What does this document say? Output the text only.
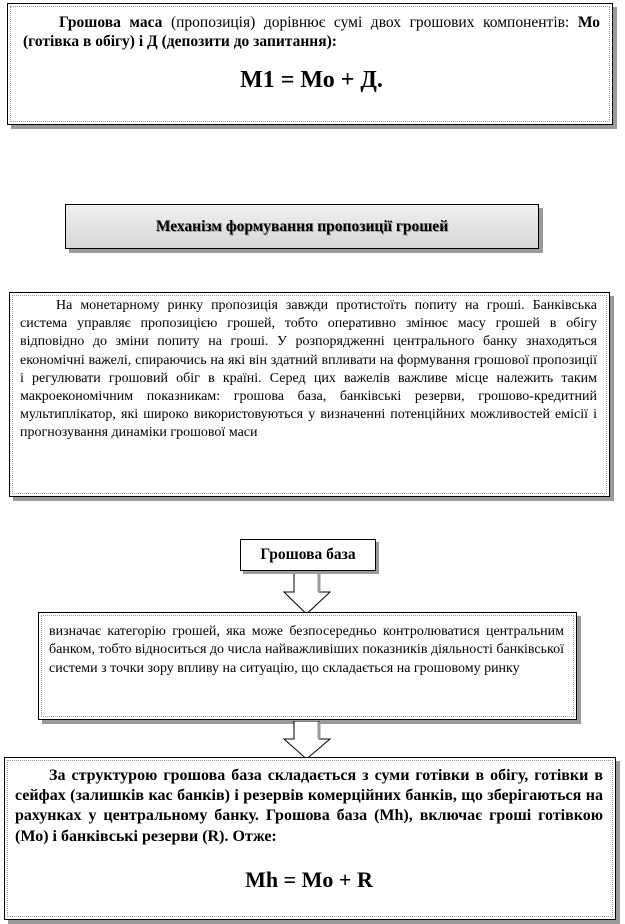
Грошова маса (пропозиція) дорівнює сумі двох грошових компонентів: Мо (готівка в обігу) і Д (депозити до запитання):

М1 = Мо + Д.

Механізм формування пропозиції грошей

На монетарному ринку пропозиція завжди протистоїть попиту на гроші. Банківська система управляє пропозицією грошей, тобто оперативно змінює масу грошей в обігу відповідно до зміни попиту на гроші. У розпорядженні центрального банку знаходяться економічні важелі, спираючись на які він здатний впливати на формування грошової пропозиції і регулювати грошовий обіг в країні. Серед цих важелів важливе місце належить таким макроекономічним показникам: грошова база, банківські резерви, грошово-кредитний мультиплікатор, які широко використовуються у визначенні потенційних можливостей емісії і прогнозування динаміки грошової маси

Грошова база

визначає категорію грошей, яка може безпосередньо контролюватися центральним банком, тобто відноситься до числа найважливіших показників діяльності банківської системи з точки зору впливу на ситуацію, що складається на грошовому ринку

За структурою грошова база складається з суми готівки в обігу, готівки в сейфах (залишків кас банків) і резервів комерційних банків, що зберігаються на рахунках у центральному банку. Грошова база (Mh), включає гроші готівкою (Мо) і банківські резерви (R). Отже:

Mh = Mo + R
